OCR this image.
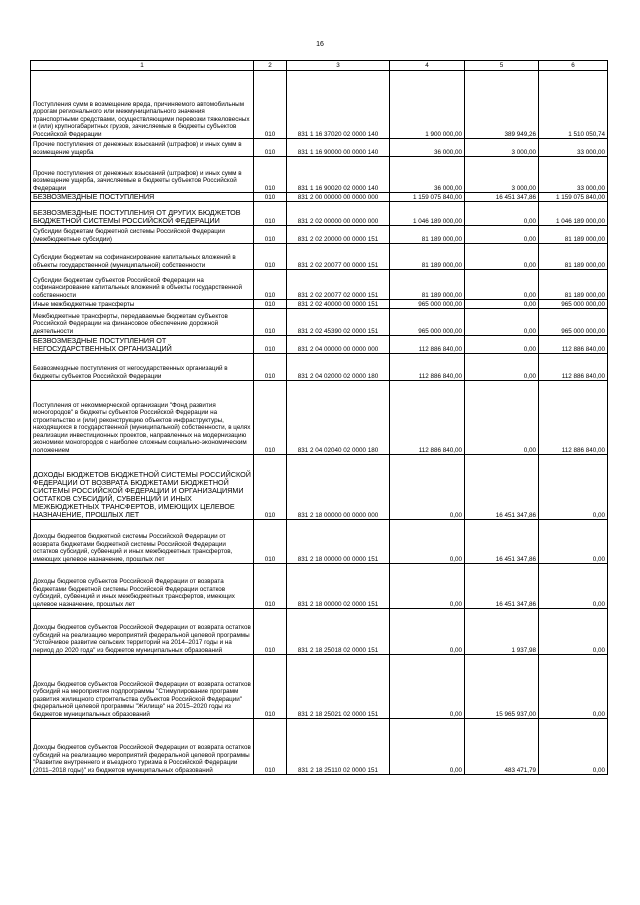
16
1	2	3	4	5	6
Поступления сумм в возмещение вреда, причиняемого автомобильным дорогам регионального или межмуниципального значения транспортными средствами, осуществляющими перевозки тяжеловесных и (или) крупногабаритных грузов, зачисляемые в бюджеты субъектов Российской Федерации	010	831 1 16 37020 02 0000 140	1 900 000,00	389 949,26	1 510 050,74
Прочие поступления от денежных взысканий (штрафов) и иных сумм в возмещение ущерба	010	831 1 16 90000 00 0000 140	36 000,00	3 000,00	33 000,00
Прочие поступления от денежных взысканий (штрафов) и иных сумм в возмещение ущерба, зачисляемые в бюджеты субъектов Российской Федерации	010	831 1 16 90020 02 0000 140	36 000,00	3 000,00	33 000,00
БЕЗВОЗМЕЗДНЫЕ ПОСТУПЛЕНИЯ	010	831 2 00 00000 00 0000 000	1 159 075 840,00	16 451 347,86	1 159 075 840,00
БЕЗВОЗМЕЗДНЫЕ ПОСТУПЛЕНИЯ ОТ ДРУГИХ БЮДЖЕТОВ БЮДЖЕТНОЙ СИСТЕМЫ РОССИЙСКОЙ ФЕДЕРАЦИИ	010	831 2 02 00000 00 0000 000	1 046 189 000,00	0,00	1 046 189 000,00
Субсидии бюджетам бюджетной системы Российской Федерации (межбюджетные субсидии)	010	831 2 02 20000 00 0000 151	81 189 000,00	0,00	81 189 000,00
Субсидии бюджетам на софинансирование капитальных вложений в объекты государственной (муниципальной) собственности	010	831 2 02 20077 00 0000 151	81 189 000,00	0,00	81 189 000,00
Субсидии бюджетам субъектов Российской Федерации на софинансирование капитальных вложений в объекты государственной собственности	010	831 2 02 20077 02 0000 151	81 189 000,00	0,00	81 189 000,00
Иные межбюджетные трансферты	010	831 2 02 40000 00 0000 151	965 000 000,00	0,00	965 000 000,00
Межбюджетные трансферты, передаваемые бюджетам субъектов Российской Федерации на финансовое обеспечение дорожной деятельности	010	831 2 02 45390 02 0000 151	965 000 000,00	0,00	965 000 000,00
БЕЗВОЗМЕЗДНЫЕ ПОСТУПЛЕНИЯ ОТ НЕГОСУДАРСТВЕННЫХ ОРГАНИЗАЦИЙ	010	831 2 04 00000 00 0000 000	112 886 840,00	0,00	112 886 840,00
Безвозмездные поступления от негосударственных организаций в бюджеты субъектов Российской Федерации	010	831 2 04 02000 02 0000 180	112 886 840,00	0,00	112 886 840,00
Поступления от некоммерческой организации "Фонд развития моногородов" в бюджеты субъектов Российской Федерации на строительство и (или) реконструкцию объектов инфраструктуры, находящихся в государственной (муниципальной) собственности, в целях реализации инвестиционных проектов, направленных на модернизацию экономики моногородов с наиболее сложным социально-экономическим положением	010	831 2 04 02040 02 0000 180	112 886 840,00	0,00	112 886 840,00
ДОХОДЫ БЮДЖЕТОВ БЮДЖЕТНОЙ СИСТЕМЫ РОССИЙСКОЙ ФЕДЕРАЦИИ ОТ ВОЗВРАТА БЮДЖЕТАМИ БЮДЖЕТНОЙ СИСТЕМЫ РОССИЙСКОЙ ФЕДЕРАЦИИ И ОРГАНИЗАЦИЯМИ ОСТАТКОВ СУБСИДИЙ, СУБВЕНЦИЙ И ИНЫХ МЕЖБЮДЖЕТНЫХ ТРАНСФЕРТОВ, ИМЕЮЩИХ ЦЕЛЕВОЕ НАЗНАЧЕНИЕ, ПРОШЛЫХ ЛЕТ	010	831 2 18 00000 00 0000 000	0,00	16 451 347,86	0,00
Доходы бюджетов бюджетной системы Российской Федерации от возврата бюджетами бюджетной системы Российской Федерации остатков субсидий, субвенций и иных межбюджетных трансфертов, имеющих целевое назначение, прошлых лет	010	831 2 18 00000 00 0000 151	0,00	16 451 347,86	0,00
Доходы бюджетов субъектов Российской Федерации от возврата бюджетами бюджетной системы Российской Федерации остатков субсидий, субвенций и иных межбюджетных трансфертов, имеющих целевое назначение, прошлых лет	010	831 2 18 00000 02 0000 151	0,00	16 451 347,86	0,00
Доходы бюджетов субъектов Российской Федерации от возврата остатков субсидий на реализацию мероприятий федеральной целевой программы "Устойчивое развитие сельских территорий на 2014–2017 годы и на период до 2020 года" из бюджетов муниципальных образований	010	831 2 18 25018 02 0000 151	0,00	1 937,98	0,00
Доходы бюджетов субъектов Российской Федерации от возврата остатков субсидий на мероприятия подпрограммы "Стимулирование программ развития жилищного строительства субъектов Российской Федерации" федеральной целевой программы "Жилище" на 2015–2020 годы из бюджетов муниципальных образований	010	831 2 18 25021 02 0000 151	0,00	15 965 937,00	0,00
Доходы бюджетов субъектов Российской Федерации от возврата остатков субсидий на реализацию мероприятий федеральной целевой программы "Развитие внутреннего и въездного туризма в Российской Федерации (2011–2018 годы)" из бюджетов муниципальных образований	010	831 2 18 25110 02 0000 151	0,00	483 471,79	0,00
